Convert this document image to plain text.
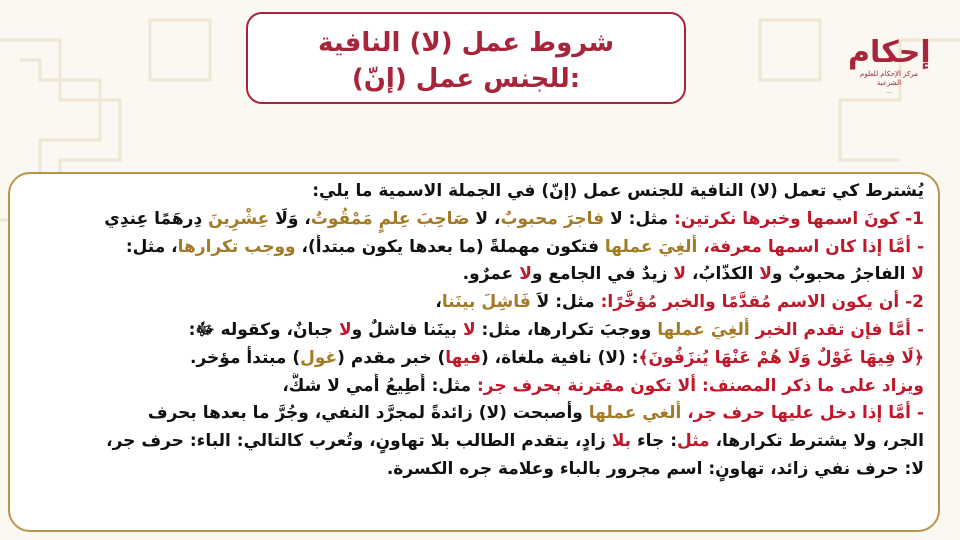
شروط عمل (لا) النافية
للجنس عمل (إنّ):
إحكام
مركز الإحكام للعلوم الشرعية
...
يُشترط كي تعمل (لا) النافية للجنس عمل (إنّ) في الجملة الاسمية ما يلي:
1- كونَ اسمها وخبرها نكرتين: مثل: لا فاجرَ محبوبٌ، لا صَاحِبَ عِلمٍ مَمْقُوتٌ، وَلَا عِشْرِينَ دِرهَمًا عِندِي
- أمَّا إذا كان اسمها معرفة، أُلغِيَ عملها فتكون مهملةً (ما بعدها يكون مبتدأً)، ووجب تكرارها، مثل:
لا الفاجرُ محبوبٌ ولا الكذّابُ، لا زيدٌ في الجامع ولا عمرٌو.
2- أن يكون الاسم مُقدَّمًا والخبر مُؤخَّرًا: مثل: لاَ فَاشِلَ بينَنا،
- أمَّا فإن تقدم الخبر أُلغِيَ عملها ووجبَ تكرارها، مثل: لا بينَنا فاشلٌ ولا جبانٌ، وكقوله ﷻ:
﴿لَا فِيهَا غَوْلٌ وَلَا هُمْ عَنْهَا يُنزَفُونَ﴾: (لا) نافية ملغاة، (فيها) خبر مقدم (غول) مبتدأ مؤخر.
ويزاد على ما ذكر المصنف: ألا تكون مقترنة بحرف جر: مثل: أُطِيعُ أُمي لا شكَّ،
- أمَّا إذا دخل عليها حرف جر، أُلغي عملها وأصبحت (لا) زائدةً لمجرَّد النفي، وجُرَّ ما بعدها بحرف
الجر، ولا يشترط تكرارها، مثل: جاء بلا زادٍ، يتقدم الطالب بلا تهاونٍ، وتُعرب كالتالي: الباء: حرف جر،
لا: حرف نفي زائد، تهاونٍ: اسم مجرور بالباء وعلامة جره الكسرة.
